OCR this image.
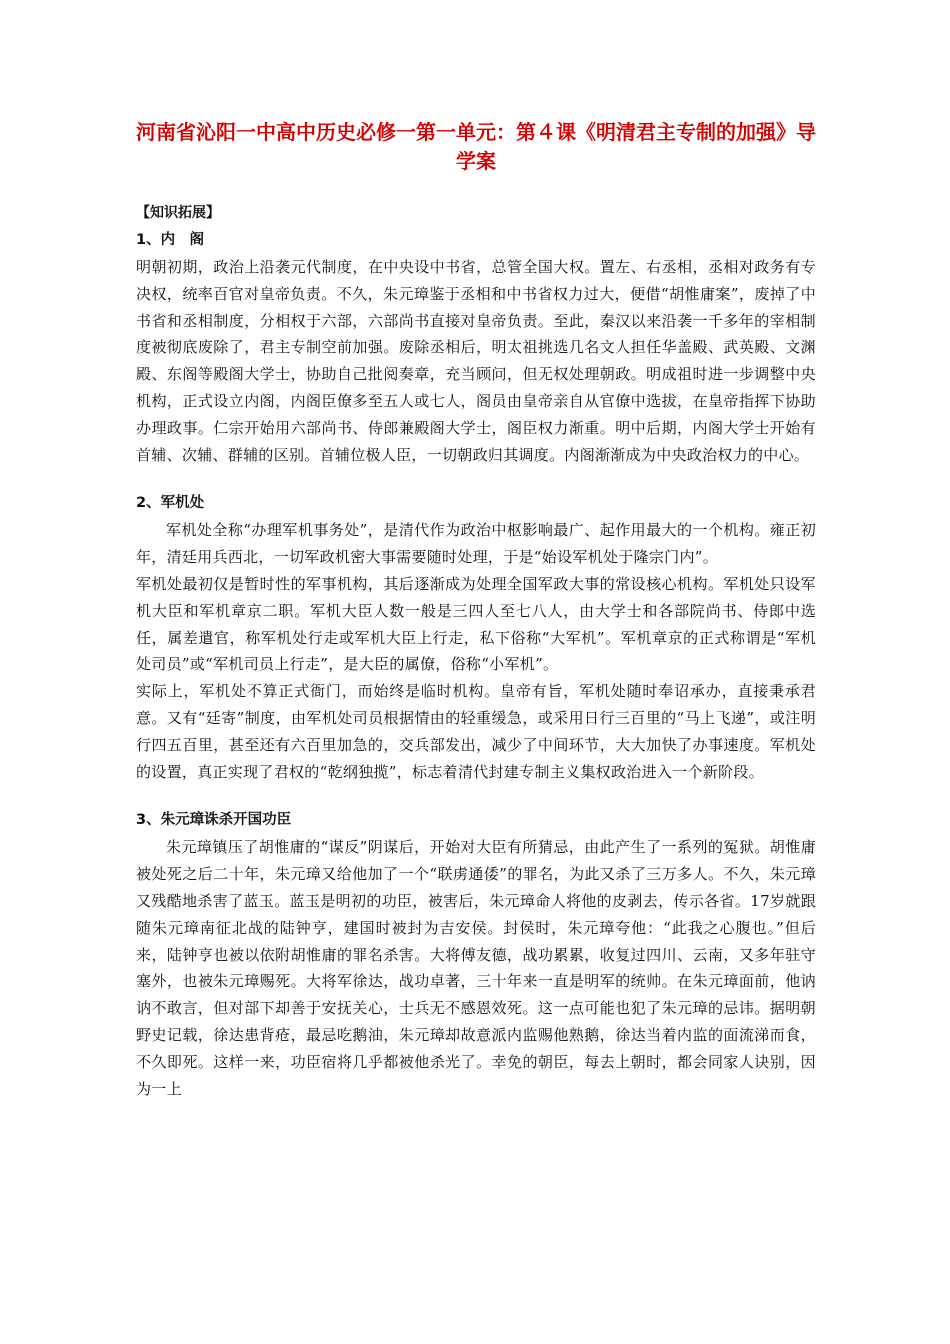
河南省沁阳一中高中历史必修一第一单元：第４课《明清君主专制的加强》导学案
【知识拓展】
1、内　阁

明朝初期，政治上沿袭元代制度，在中央设中书省，总管全国大权。置左、右丞相，丞相对政务有专决权，统率百官对皇帝负责。不久，朱元璋鉴于丞相和中书省权力过大，便借“胡惟庸案”，废掉了中书省和丞相制度，分相权于六部，六部尚书直接对皇帝负责。至此，秦汉以来沿袭一千多年的宰相制度被彻底废除了，君主专制空前加强。废除丞相后，明太祖挑选几名文人担任华盖殿、武英殿、文渊殿、东阁等殿阁大学士，协助自己批阅奏章，充当顾问，但无权处理朝政。明成祖时进一步调整中央机构，正式设立内阁，内阁臣僚多至五人或七人，阁员由皇帝亲自从官僚中选拔，在皇帝指挥下协助办理政事。仁宗开始用六部尚书、侍郎兼殿阁大学士，阁臣权力渐重。明中后期，内阁大学士开始有首辅、次辅、群辅的区别。首辅位极人臣，一切朝政归其调度。内阁渐渐成为中央政治权力的中心。

2、军机处

军机处全称“办理军机事务处”，是清代作为政治中枢影响最广、起作用最大的一个机构。雍正初年，清廷用兵西北，一切军政机密大事需要随时处理，于是“始设军机处于隆宗门内”。

军机处最初仅是暂时性的军事机构，其后逐渐成为处理全国军政大事的常设核心机构。军机处只设军机大臣和军机章京二职。军机大臣人数一般是三四人至七八人，由大学士和各部院尚书、侍郎中选任，属差遣官，称军机处行走或军机大臣上行走，私下俗称“大军机”。军机章京的正式称谓是“军机处司员”或“军机司员上行走”，是大臣的属僚，俗称“小军机”。

实际上，军机处不算正式衙门，而始终是临时机构。皇帝有旨，军机处随时奉诏承办，直接秉承君意。又有“廷寄”制度，由军机处司员根据情由的轻重缓急，或采用日行三百里的“马上飞递”，或注明行四五百里，甚至还有六百里加急的，交兵部发出，减少了中间环节，大大加快了办事速度。军机处的设置，真正实现了君权的“乾纲独揽”，标志着清代封建专制主义集权政治进入一个新阶段。

3、朱元璋诛杀开国功臣

朱元璋镇压了胡惟庸的“谋反”阴谋后，开始对大臣有所猜忌，由此产生了一系列的冤狱。胡惟庸被处死之后二十年，朱元璋又给他加了一个“联虏通倭”的罪名，为此又杀了三万多人。不久，朱元璋又残酷地杀害了蓝玉。蓝玉是明初的功臣，被害后，朱元璋命人将他的皮剥去，传示各省。17岁就跟随朱元璋南征北战的陆钟亨，建国时被封为吉安侯。封侯时，朱元璋夸他：“此我之心腹也。”但后来，陆钟亨也被以依附胡惟庸的罪名杀害。大将傅友德，战功累累，收复过四川、云南，又多年驻守塞外，也被朱元璋赐死。大将军徐达，战功卓著，三十年来一直是明军的统帅。在朱元璋面前，他讷讷不敢言，但对部下却善于安抚关心，士兵无不感恩效死。这一点可能也犯了朱元璋的忌讳。据明朝野史记载，徐达患背疮，最忌吃鹅油，朱元璋却故意派内监赐他熟鹅，徐达当着内监的面流涕而食，不久即死。这样一来，功臣宿将几乎都被他杀光了。幸免的朝臣，每去上朝时，都会同家人诀别，因为一上
